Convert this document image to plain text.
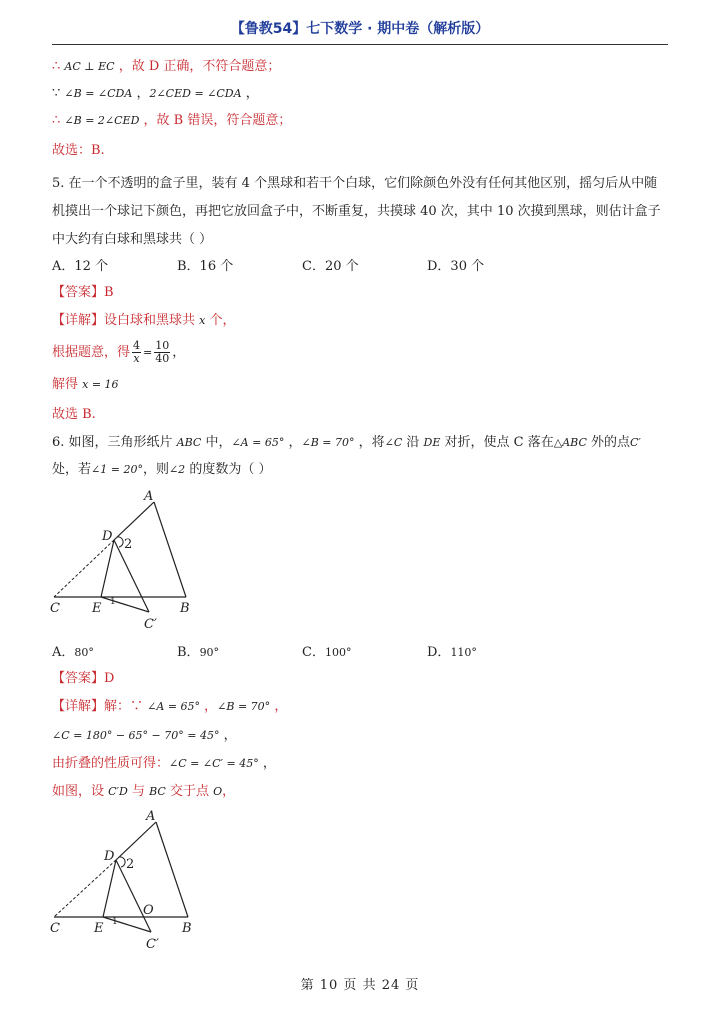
【鲁教54】七下数学 · 期中卷（解析版）
∴ AC ⊥ EC ，故 D 正确，不符合题意；
∵ ∠B = ∠CDA ，2∠CED = ∠CDA ，
∴ ∠B = 2∠CED ，故 B 错误，符合题意；
故选：B.
5. 在一个不透明的盒子里，装有 4 个黑球和若干个白球，它们除颜色外没有任何其他区别，摇匀后从中随机摸出一个球记下颜色，再把它放回盒子中，不断重复，共摸球 40 次，其中 10 次摸到黑球，则估计盒子中大约有白球和黑球共（ ）
A．12 个	B．16 个	C．20 个	D．30 个
【答案】B
【详解】设白球和黑球共 x 个，
根据题意，得 $\frac{4}{x} = \frac{10}{40}$ ，
解得 x = 16
故选 B.
6. 如图，三角形纸片 ABC 中，∠A = 65° ，∠B = 70° ，将∠C 沿 DE 对折，使点 C 落在△ABC 外的点C′
处，若∠1 = 20°，则∠2 的度数为（ ）
A
D
2
C E	B
C′
1
A．80°	B．90°	C．100°	D．110°
【答案】D
【详解】解：∵ ∠A = 65° ，∠B = 70° ，
∠C = 180° − 65° − 70° = 45° ，
由折叠的性质可得：∠C = ∠C′ = 45° ，
如图，设 C′D 与 BC 交于点 O，
A
D
2
C	E	B
C′
O
1
第 10 页 共 24 页
